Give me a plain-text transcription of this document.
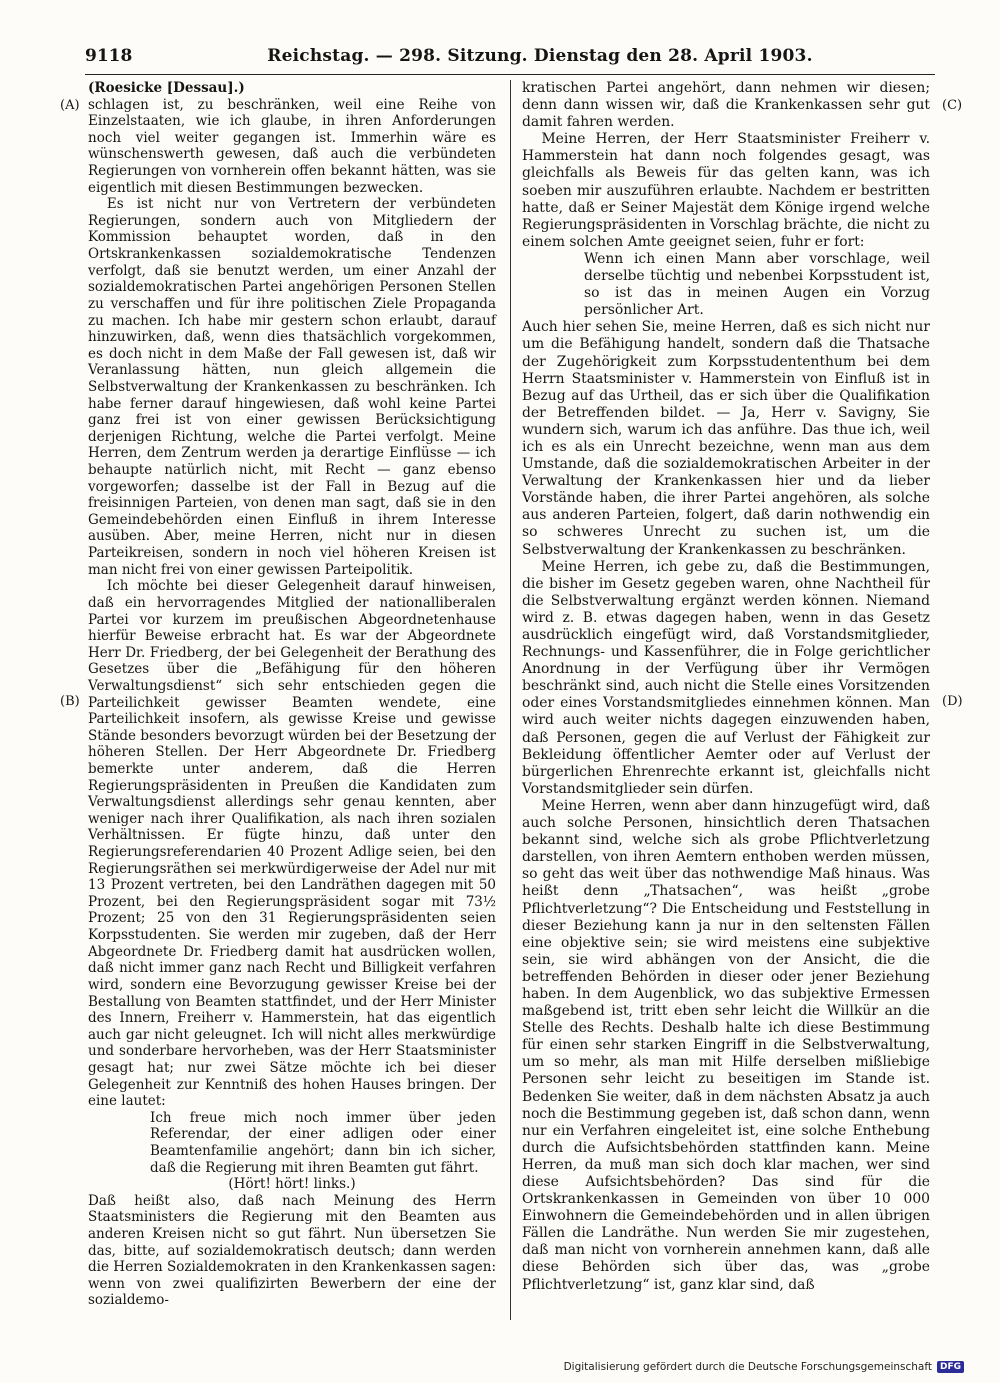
9118	Reichstag. — 298. Sitzung. Dienstag den 28. April 1903.
(A)
(B)
(C)
(D)

(Roesicke [Dessau].)

schlagen ist, zu beschränken, weil eine Reihe von Einzelstaaten, wie ich glaube, in ihren Anforderungen noch viel weiter gegangen ist. Immerhin wäre es wünschenswerth gewesen, daß auch die verbündeten Regierungen von vornherein offen bekannt hätten, was sie eigentlich mit diesen Bestimmungen bezwecken.

Es ist nicht nur von Vertretern der verbündeten Regierungen, sondern auch von Mitgliedern der Kommission behauptet worden, daß in den Ortskrankenkassen sozialdemokratische Tendenzen verfolgt, daß sie benutzt werden, um einer Anzahl der sozialdemokratischen Partei angehörigen Personen Stellen zu verschaffen und für ihre politischen Ziele Propaganda zu machen. Ich habe mir gestern schon erlaubt, darauf hinzuwirken, daß, wenn dies thatsächlich vorgekommen, es doch nicht in dem Maße der Fall gewesen ist, daß wir Veranlassung hätten, nun gleich allgemein die Selbstverwaltung der Krankenkassen zu beschränken. Ich habe ferner darauf hingewiesen, daß wohl keine Partei ganz frei ist von einer gewissen Berücksichtigung derjenigen Richtung, welche die Partei verfolgt. Meine Herren, dem Zentrum werden ja derartige Einflüsse — ich behaupte natürlich nicht, mit Recht — ganz ebenso vorgeworfen; dasselbe ist der Fall in Bezug auf die freisinnigen Parteien, von denen man sagt, daß sie in den Gemeindebehörden einen Einfluß in ihrem Interesse ausüben. Aber, meine Herren, nicht nur in diesen Parteikreisen, sondern in noch viel höheren Kreisen ist man nicht frei von einer gewissen Parteipolitik.

Ich möchte bei dieser Gelegenheit darauf hinweisen, daß ein hervorragendes Mitglied der nationalliberalen Partei vor kurzem im preußischen Abgeordnetenhause hierfür Beweise erbracht hat. Es war der Abgeordnete Herr Dr. Friedberg, der bei Gelegenheit der Berathung des Gesetzes über die „Befähigung für den höheren Verwaltungsdienst“ sich sehr entschieden gegen die Parteilichkeit gewisser Beamten wendete, eine Parteilichkeit insofern, als gewisse Kreise und gewisse Stände besonders bevorzugt würden bei der Besetzung der höheren Stellen. Der Herr Abgeordnete Dr. Friedberg bemerkte unter anderem, daß die Herren Regierungspräsidenten in Preußen die Kandidaten zum Verwaltungsdienst allerdings sehr genau kennten, aber weniger nach ihrer Qualifikation, als nach ihren sozialen Verhältnissen. Er fügte hinzu, daß unter den Regierungsreferendarien 40 Prozent Adlige seien, bei den Regierungsräthen sei merkwürdigerweise der Adel nur mit 13 Prozent vertreten, bei den Landräthen dagegen mit 50 Prozent, bei den Regierungspräsident sogar mit 73½ Prozent; 25 von den 31 Regierungspräsidenten seien Korpsstudenten. Sie werden mir zugeben, daß der Herr Abgeordnete Dr. Friedberg damit hat ausdrücken wollen, daß nicht immer ganz nach Recht und Billigkeit verfahren wird, sondern eine Bevorzugung gewisser Kreise bei der Bestallung von Beamten stattfindet, und der Herr Minister des Innern, Freiherr v. Hammerstein, hat das eigentlich auch gar nicht geleugnet. Ich will nicht alles merkwürdige und sonderbare hervorheben, was der Herr Staatsminister gesagt hat; nur zwei Sätze möchte ich bei dieser Gelegenheit zur Kenntniß des hohen Hauses bringen. Der eine lautet:

Ich freue mich noch immer über jeden Referendar, der einer adligen oder einer Beamtenfamilie angehört; dann bin ich sicher, daß die Regierung mit ihren Beamten gut fährt.

(Hört! hört! links.)

Daß heißt also, daß nach Meinung des Herrn Staatsministers die Regierung mit den Beamten aus anderen Kreisen nicht so gut fährt. Nun übersetzen Sie das, bitte, auf sozialdemokratisch deutsch; dann werden die Herren Sozialdemokraten in den Krankenkassen sagen: wenn von zwei qualifizirten Bewerbern der eine der sozialdemo-

kratischen Partei angehört, dann nehmen wir diesen; denn dann wissen wir, daß die Krankenkassen sehr gut damit fahren werden.

Meine Herren, der Herr Staatsminister Freiherr v. Hammerstein hat dann noch folgendes gesagt, was gleichfalls als Beweis für das gelten kann, was ich soeben mir auszuführen erlaubte. Nachdem er bestritten hatte, daß er Seiner Majestät dem Könige irgend welche Regierungspräsidenten in Vorschlag brächte, die nicht zu einem solchen Amte geeignet seien, fuhr er fort:

Wenn ich einen Mann aber vorschlage, weil derselbe tüchtig und nebenbei Korpsstudent ist, so ist das in meinen Augen ein Vorzug persönlicher Art.

Auch hier sehen Sie, meine Herren, daß es sich nicht nur um die Befähigung handelt, sondern daß die Thatsache der Zugehörigkeit zum Korpsstudententhum bei dem Herrn Staatsminister v. Hammerstein von Einfluß ist in Bezug auf das Urtheil, das er sich über die Qualifikation der Betreffenden bildet. — Ja, Herr v. Savigny, Sie wundern sich, warum ich das anführe. Das thue ich, weil ich es als ein Unrecht bezeichne, wenn man aus dem Umstande, daß die sozialdemokratischen Arbeiter in der Verwaltung der Krankenkassen hier und da lieber Vorstände haben, die ihrer Partei angehören, als solche aus anderen Parteien, folgert, daß darin nothwendig ein so schweres Unrecht zu suchen ist, um die Selbstverwaltung der Krankenkassen zu beschränken.

Meine Herren, ich gebe zu, daß die Bestimmungen, die bisher im Gesetz gegeben waren, ohne Nachtheil für die Selbstverwaltung ergänzt werden können. Niemand wird z. B. etwas dagegen haben, wenn in das Gesetz ausdrücklich eingefügt wird, daß Vorstandsmitglieder, Rechnungs- und Kassenführer, die in Folge gerichtlicher Anordnung in der Verfügung über ihr Vermögen beschränkt sind, auch nicht die Stelle eines Vorsitzenden oder eines Vorstandsmitgliedes einnehmen können. Man wird auch weiter nichts dagegen einzuwenden haben, daß Personen, gegen die auf Verlust der Fähigkeit zur Bekleidung öffentlicher Aemter oder auf Verlust der bürgerlichen Ehrenrechte erkannt ist, gleichfalls nicht Vorstandsmitglieder sein dürfen.

Meine Herren, wenn aber dann hinzugefügt wird, daß auch solche Personen, hinsichtlich deren Thatsachen bekannt sind, welche sich als grobe Pflichtverletzung darstellen, von ihren Aemtern enthoben werden müssen, so geht das weit über das nothwendige Maß hinaus. Was heißt denn „Thatsachen“, was heißt „grobe Pflichtverletzung“? Die Entscheidung und Feststellung in dieser Beziehung kann ja nur in den seltensten Fällen eine objektive sein; sie wird meistens eine subjektive sein, sie wird abhängen von der Ansicht, die die betreffenden Behörden in dieser oder jener Beziehung haben. In dem Augenblick, wo das subjektive Ermessen maßgebend ist, tritt eben sehr leicht die Willkür an die Stelle des Rechts. Deshalb halte ich diese Bestimmung für einen sehr starken Eingriff in die Selbstverwaltung, um so mehr, als man mit Hilfe derselben mißliebige Personen sehr leicht zu beseitigen im Stande ist. Bedenken Sie weiter, daß in dem nächsten Absatz ja auch noch die Bestimmung gegeben ist, daß schon dann, wenn nur ein Verfahren eingeleitet ist, eine solche Enthebung durch die Aufsichtsbehörden stattfinden kann. Meine Herren, da muß man sich doch klar machen, wer sind diese Aufsichtsbehörden? Das sind für die Ortskrankenkassen in Gemeinden von über 10 000 Einwohnern die Gemeindebehörden und in allen übrigen Fällen die Landräthe. Nun werden Sie mir zugestehen, daß man nicht von vornherein annehmen kann, daß alle diese Behörden sich über das, was „grobe Pflichtverletzung“ ist, ganz klar sind, daß

Digitalisierung gefördert durch die Deutsche Forschungsgemeinschaft DFG
